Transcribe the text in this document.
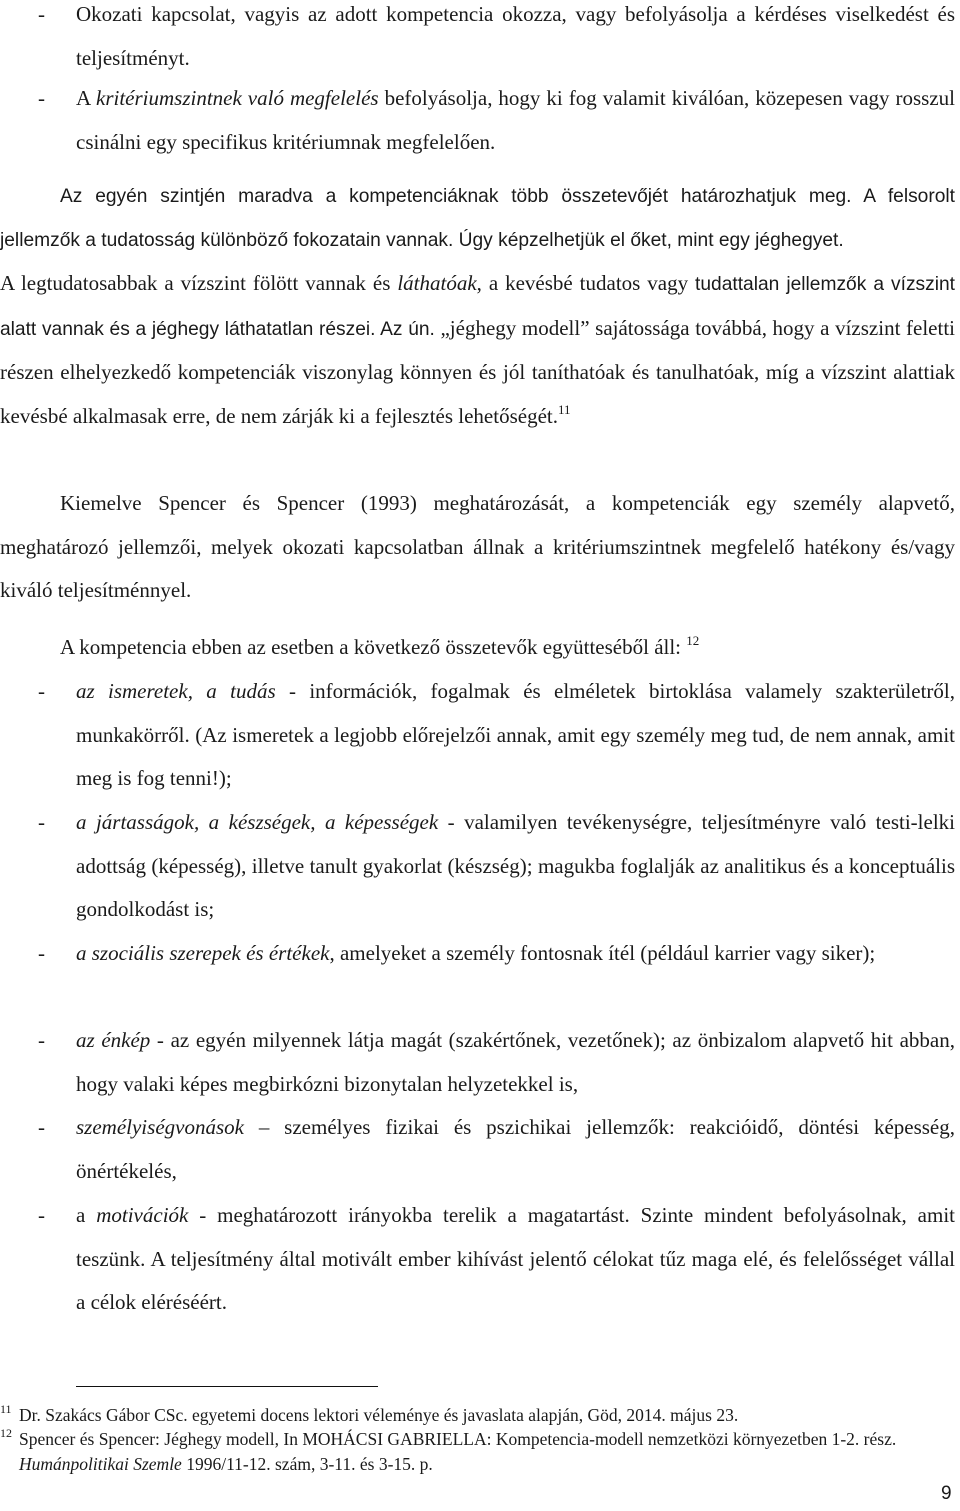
- Okozati kapcsolat, vagyis az adott kompetencia okozza, vagy befolyásolja a kérdéses viselkedést és teljesítményt.

- A kritériumszintnek való megfelelés befolyásolja, hogy ki fog valamit kiválóan, közepesen vagy rosszul csinálni egy specifikus kritériumnak megfelelően.

Az egyén szintjén maradva a kompetenciáknak több összetevőjét határozhatjuk meg. A felsorolt jellemzők a tudatosság különböző fokozatain vannak. Úgy képzelhetjük el őket, mint egy jéghegyet.

A legtudatosabbak a vízszint fölött vannak és láthatóak, a kevésbé tudatos vagy tudattalan jellemzők a vízszint alatt vannak és a jéghegy láthatatlan részei. Az ún. „jéghegy modell” sajátossága továbbá, hogy a vízszint feletti részen elhelyezkedő kompetenciák viszonylag könnyen és jól taníthatóak és tanulhatóak, míg a vízszint alattiak kevésbé alkalmasak erre, de nem zárják ki a fejlesztés lehetőségét.$^{11}$

Kiemelve Spencer és Spencer (1993) meghatározását, a kompetenciák egy személy alapvető, meghatározó jellemzői, melyek okozati kapcsolatban állnak a kritériumszintnek megfelelő hatékony és/vagy kiváló teljesítménnyel.

A kompetencia ebben az esetben a következő összetevők együtteséből áll: $^{12}$

- az ismeretek, a tudás - információk, fogalmak és elméletek birtoklása valamely szakterületről, munkakörről. (Az ismeretek a legjobb előrejelzői annak, amit egy személy meg tud, de nem annak, amit meg is fog tenni!);

- a jártasságok, a készségek, a képességek - valamilyen tevékenységre, teljesítményre való testi-lelki adottság (képesség), illetve tanult gyakorlat (készség); magukba foglalják az analitikus és a konceptuális gondolkodást is;

- a szociális szerepek és értékek, amelyeket a személy fontosnak ítél (például karrier vagy siker);

- az énkép - az egyén milyennek látja magát (szakértőnek, vezetőnek); az önbizalom alapvető hit abban, hogy valaki képes megbirkózni bizonytalan helyzetekkel is,

- személyiségvonások – személyes fizikai és pszichikai jellemzők: reakcióidő, döntési képesség, önértékelés,

- a motivációk - meghatározott irányokba terelik a magatartást. Szinte mindent befolyásolnak, amit teszünk. A teljesítmény által motivált ember kihívást jelentő célokat tűz maga elé, és felelősséget vállal a célok eléréséért.

11 Dr. Szakács Gábor CSc. egyetemi docens lektori véleménye és javaslata alapján, Göd, 2014. május 23.
12 Spencer és Spencer: Jéghegy modell, In MOHÁCSI GABRIELLA: Kompetencia-modell nemzetközi környezetben 1-2. rész. Humánpolitikai Szemle 1996/11-12. szám, 3-11. és 3-15. p.
9
